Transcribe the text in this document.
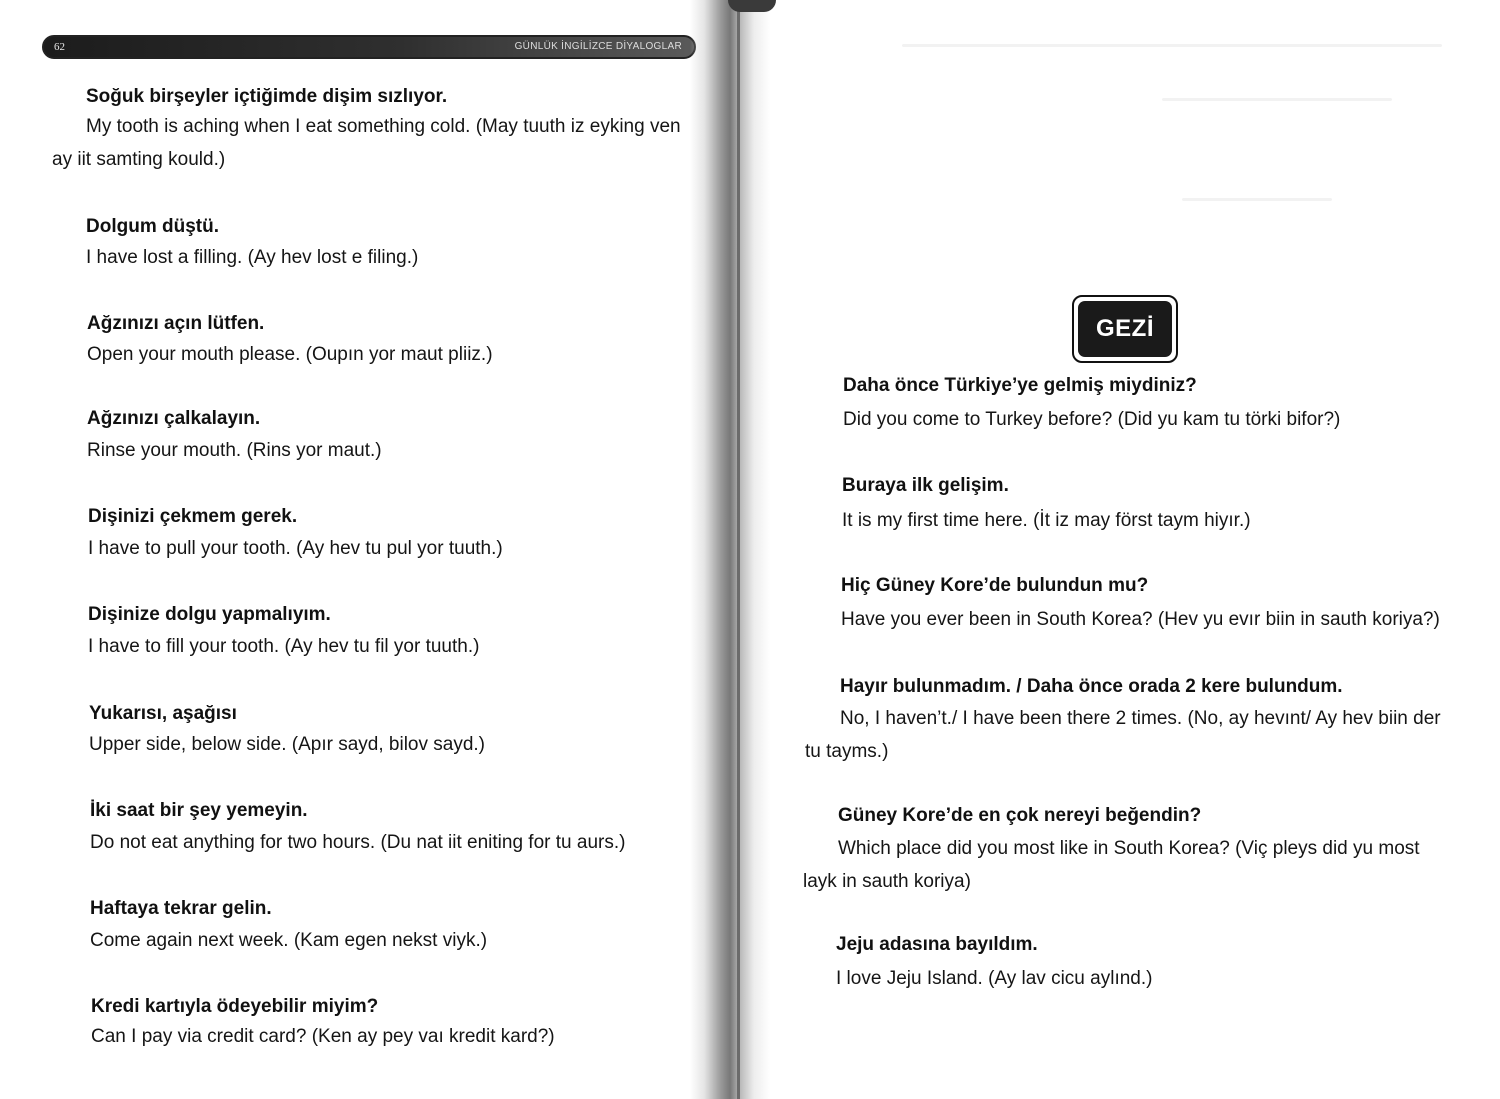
62	GÜNLÜK İNGİLİZCE DİYALOGLAR
Soğuk birşeyler içtiğimde dişim sızlıyor.
My tooth is aching when I eat something cold. (May tuuth iz eyking ven ay iit samting kould.)
Dolgum düştü.
I have lost a filling. (Ay hev lost e filing.)
Ağzınızı açın lütfen.
Open your mouth please. (Oupın yor maut pliiz.)
Ağzınızı çalkalayın.
Rinse your mouth. (Rins yor maut.)
Dişinizi çekmem gerek.
I have to pull your tooth. (Ay hev tu pul yor tuuth.)
Dişinize dolgu yapmalıyım.
I have to fill your tooth. (Ay hev tu fil yor tuuth.)
Yukarısı, aşağısı
Upper side, below side. (Apır sayd, bilov sayd.)
İki saat bir şey yemeyin.
Do not eat anything for two hours. (Du nat iit eniting for tu aurs.)
Haftaya tekrar gelin.
Come again next week. (Kam egen nekst viyk.)
Kredi kartıyla ödeyebilir miyim?
Can I pay via credit card? (Ken ay pey vaı kredit kard?)
GEZİ
Daha önce Türkiye’ye gelmiş miydiniz?
Did you come to Turkey before? (Did yu kam tu törki bifor?)
Buraya ilk gelişim.
It is my first time here. (İt iz may först taym hiyır.)
Hiç Güney Kore’de bulundun mu?
Have you ever been in South Korea? (Hev yu evır biin in sauth koriya?)
Hayır bulunmadım. / Daha önce orada 2 kere bulundum.
No, I haven’t./ I have been there 2 times. (No, ay hevınt/ Ay hev biin der tu tayms.)
Güney Kore’de en çok nereyi beğendin?
Which place did you most like in South Korea? (Viç pleys did yu most layk in sauth koriya)
Jeju adasına bayıldım.
I love Jeju Island. (Ay lav cicu aylınd.)
